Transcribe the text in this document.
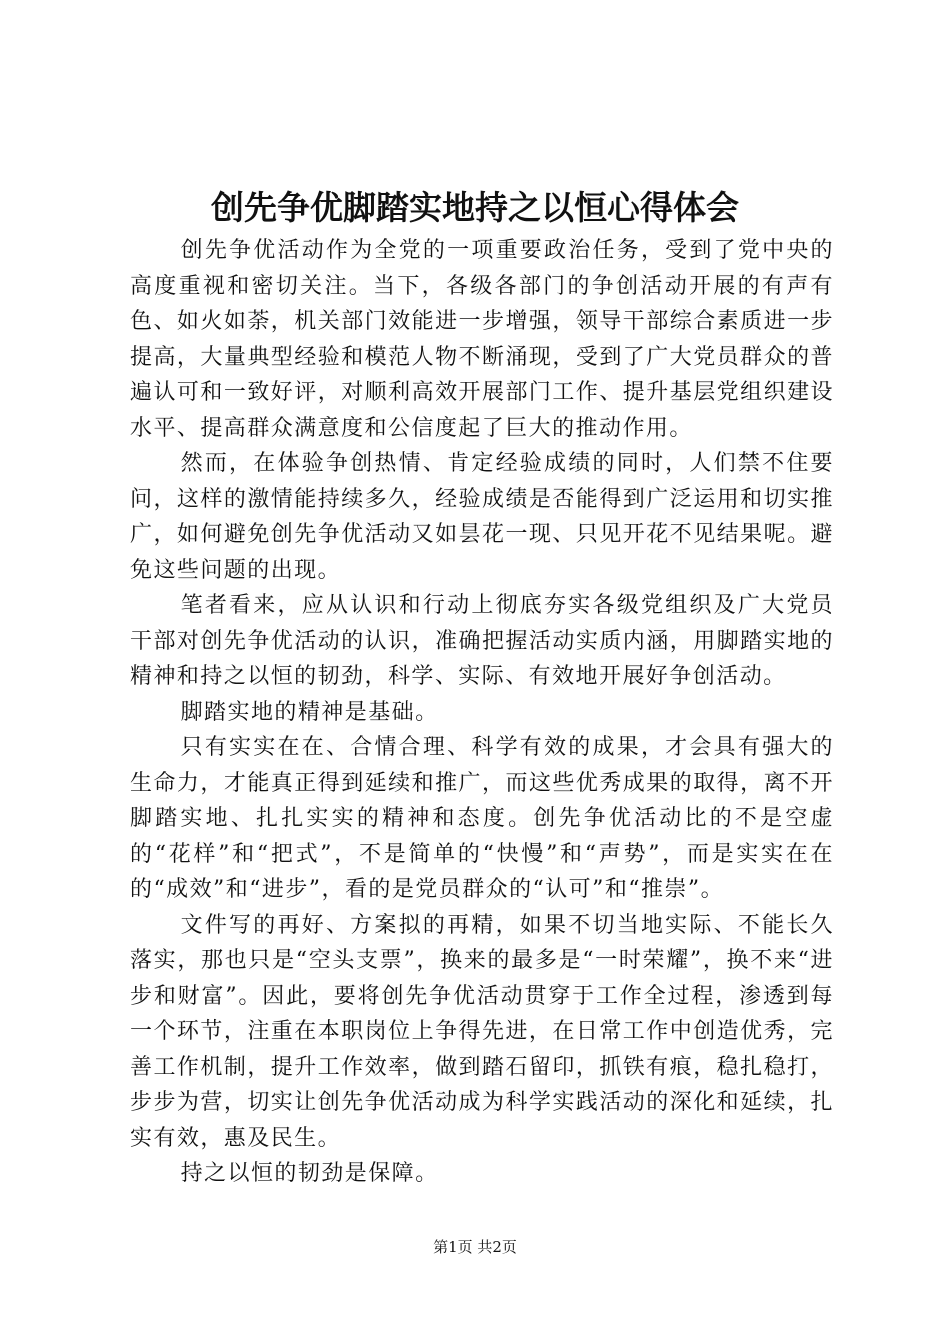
创先争优脚踏实地持之以恒心得体会

创先争优活动作为全党的一项重要政治任务，受到了党中央的高度重视和密切关注。当下，各级各部门的争创活动开展的有声有色、如火如荼，机关部门效能进一步增强，领导干部综合素质进一步提高，大量典型经验和模范人物不断涌现，受到了广大党员群众的普遍认可和一致好评，对顺利高效开展部门工作、提升基层党组织建设水平、提高群众满意度和公信度起了巨大的推动作用。

然而，在体验争创热情、肯定经验成绩的同时，人们禁不住要问，这样的激情能持续多久，经验成绩是否能得到广泛运用和切实推广，如何避免创先争优活动又如昙花一现、只见开花不见结果呢。避免这些问题的出现。

笔者看来，应从认识和行动上彻底夯实各级党组织及广大党员干部对创先争优活动的认识，准确把握活动实质内涵，用脚踏实地的精神和持之以恒的韧劲，科学、实际、有效地开展好争创活动。

脚踏实地的精神是基础。

只有实实在在、合情合理、科学有效的成果，才会具有强大的生命力，才能真正得到延续和推广，而这些优秀成果的取得，离不开脚踏实地、扎扎实实的精神和态度。创先争优活动比的不是空虚的“花样”和“把式”，不是简单的“快慢”和“声势”，而是实实在在的“成效”和“进步”，看的是党员群众的“认可”和“推崇”。

文件写的再好、方案拟的再精，如果不切当地实际、不能长久落实，那也只是“空头支票”，换来的最多是“一时荣耀”，换不来“进步和财富”。因此，要将创先争优活动贯穿于工作全过程，渗透到每一个环节，注重在本职岗位上争得先进，在日常工作中创造优秀，完善工作机制，提升工作效率，做到踏石留印，抓铁有痕，稳扎稳打，步步为营，切实让创先争优活动成为科学实践活动的深化和延续，扎实有效，惠及民生。

持之以恒的韧劲是保障。

第1页 共2页
